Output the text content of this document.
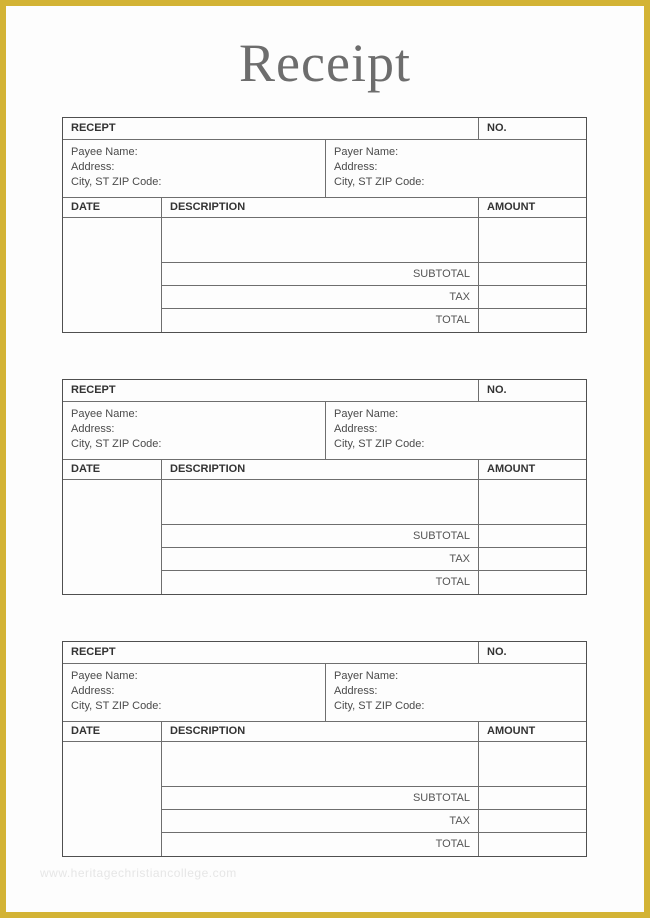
Receipt
RECEPT	NO.
Payee Name:
Address:
City, ST ZIP Code:
Payer Name:
Address:
City, ST ZIP Code:
DATE	DESCRIPTION	AMOUNT
SUBTOTAL
TAX
TOTAL
RECEPT	NO.
Payee Name:
Address:
City, ST ZIP Code:
Payer Name:
Address:
City, ST ZIP Code:
DATE	DESCRIPTION	AMOUNT
SUBTOTAL
TAX
TOTAL
RECEPT	NO.
Payee Name:
Address:
City, ST ZIP Code:
Payer Name:
Address:
City, ST ZIP Code:
DATE	DESCRIPTION	AMOUNT
SUBTOTAL
TAX
TOTAL
www.heritagechristiancollege.com
